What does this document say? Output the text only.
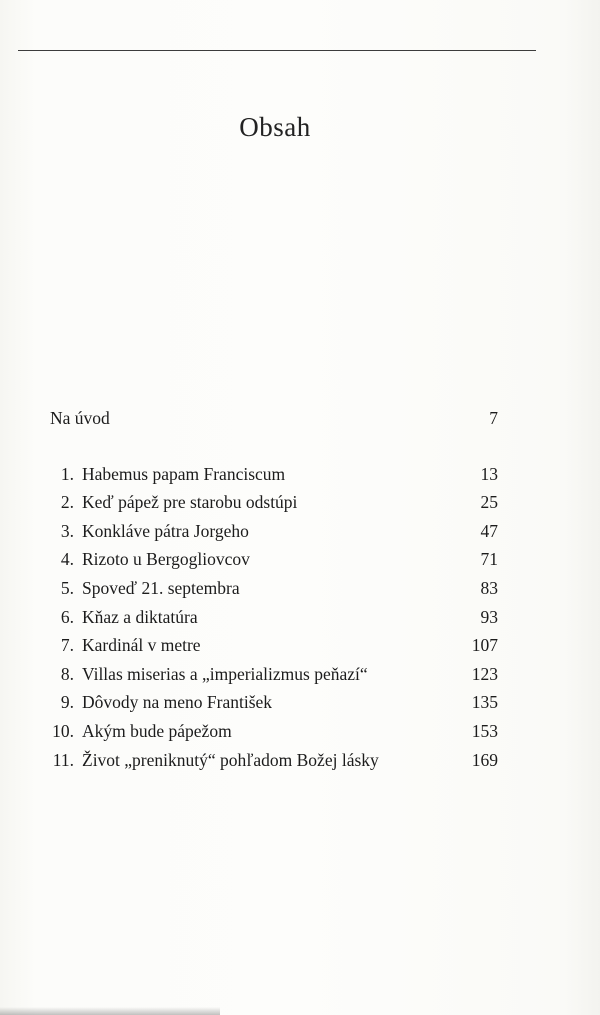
Obsah
Na úvod	7
1. Habemus papam Franciscum	13
2. Keď pápež pre starobu odstúpi	25
3. Konkláve pátra Jorgeho	47
4. Rizoto u Bergogliovcov	71
5. Spoveď 21. septembra	83
6. Kňaz a diktatúra	93
7. Kardinál v metre	107
8. Villas miserias a „imperializmus peňazí“	123
9. Dôvody na meno František	135
10. Akým bude pápežom	153
11. Život „preniknutý“ pohľadom Božej lásky	169
